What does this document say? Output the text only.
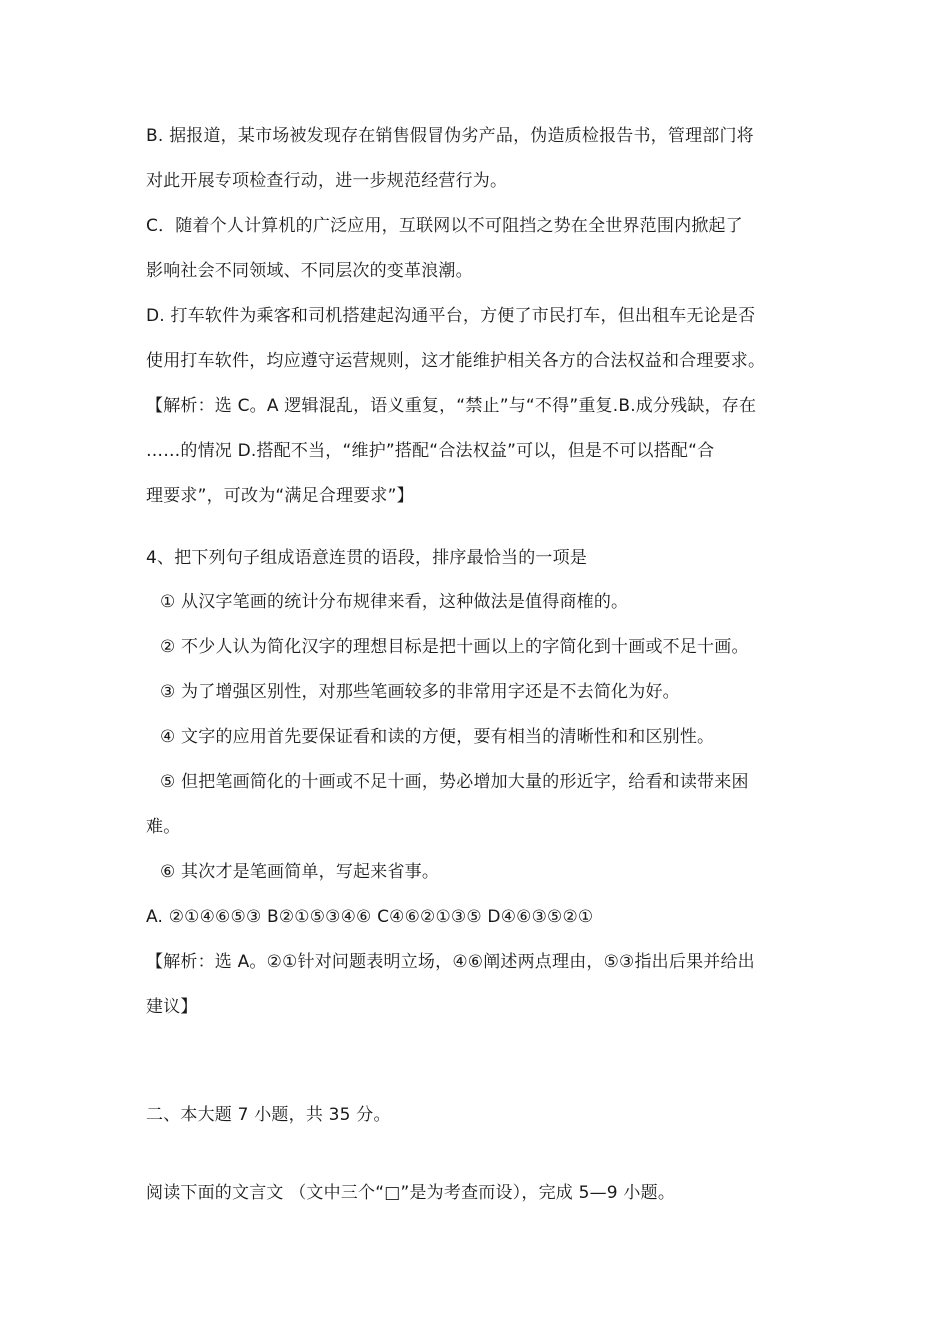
B. 据报道，某市场被发现存在销售假冒伪劣产品，伪造质检报告书，管理部门将
对此开展专项检查行动，进一步规范经营行为。
C．随着个人计算机的广泛应用，互联网以不可阻挡之势在全世界范围内掀起了
影响社会不同领域、不同层次的变革浪潮。
D. 打车软件为乘客和司机搭建起沟通平台，方便了市民打车，但出租车无论是否
使用打车软件，均应遵守运营规则，这才能维护相关各方的合法权益和合理要求。
【解析：选 C。A 逻辑混乱，语义重复，“禁止”与“不得”重复.B.成分残缺，存在
……的情况 D.搭配不当，“维护”搭配“合法权益”可以，但是不可以搭配“合
理要求”，可改为“满足合理要求”】
4、把下列句子组成语意连贯的语段，排序最恰当的一项是
① 从汉字笔画的统计分布规律来看，这种做法是值得商榷的。
② 不少人认为简化汉字的理想目标是把十画以上的字简化到十画或不足十画。
③ 为了增强区别性，对那些笔画较多的非常用字还是不去简化为好。
④ 文字的应用首先要保证看和读的方便，要有相当的清晰性和和区别性。
⑤ 但把笔画简化的十画或不足十画，势必增加大量的形近字，给看和读带来困
难。
⑥ 其次才是笔画简单，写起来省事。
A. ②①④⑥⑤③ B②①⑤③④⑥ C④⑥②①③⑤ D④⑥③⑤②①
【解析：选 A。②①针对问题表明立场，④⑥阐述两点理由，⑤③指出后果并给出
建议】
二、本大题 7 小题，共 35 分。
阅读下面的文言文 （文中三个“□”是为考查而设），完成 5—9 小题。
